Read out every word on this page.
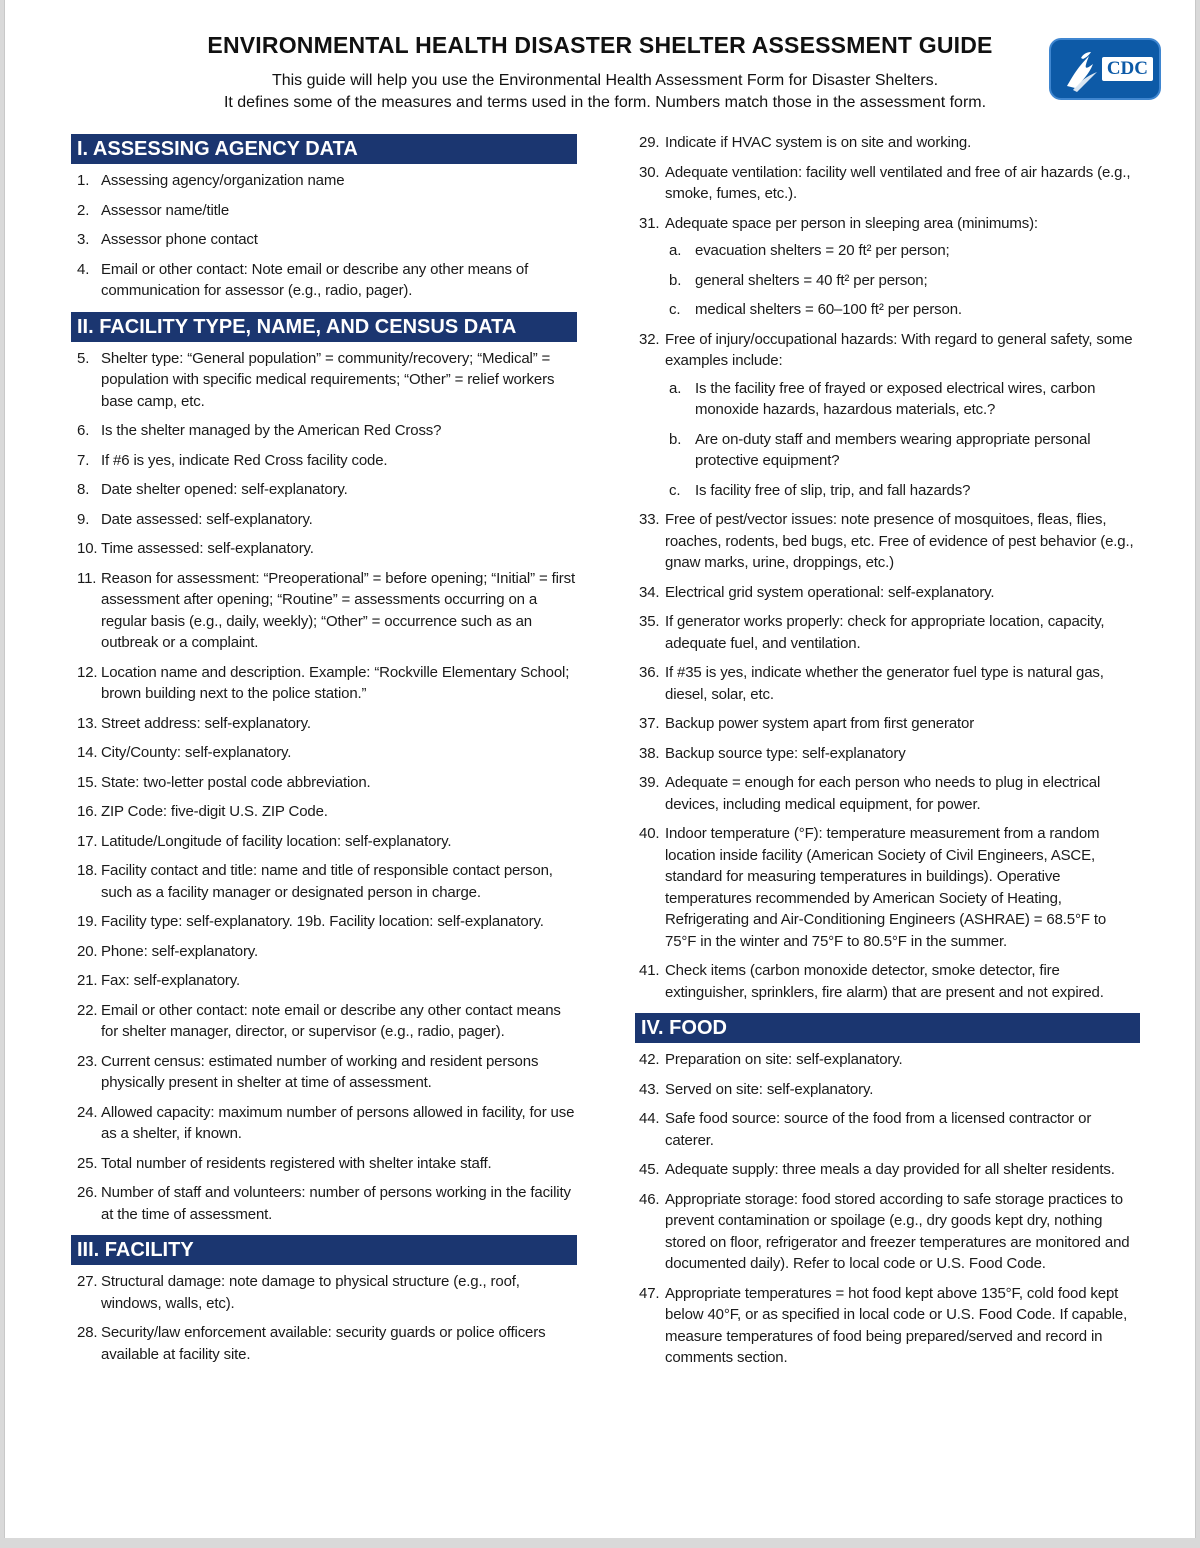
ENVIRONMENTAL HEALTH DISASTER SHELTER ASSESSMENT GUIDE
This guide will help you use the Environmental Health Assessment Form for Disaster Shelters.
It defines some of the measures and terms used in the form. Numbers match those in the assessment form.
CDC
I. ASSESSING AGENCY DATA
1. Assessing agency/organization name
2. Assessor name/title
3. Assessor phone contact
4. Email or other contact: Note email or describe any other means of communication for assessor (e.g., radio, pager).
II. FACILITY TYPE, NAME, AND CENSUS DATA
5. Shelter type: “General population” = community/recovery; “Medical” = population with specific medical requirements; “Other” = relief workers base camp, etc.
6. Is the shelter managed by the American Red Cross?
7. If #6 is yes, indicate Red Cross facility code.
8. Date shelter opened: self-explanatory.
9. Date assessed: self-explanatory.
10. Time assessed: self-explanatory.
11. Reason for assessment: “Preoperational” = before opening; “Initial” = first assessment after opening; “Routine” = assessments occurring on a regular basis (e.g., daily, weekly); “Other” = occurrence such as an outbreak or a complaint.
12. Location name and description. Example: “Rockville Elementary School; brown building next to the police station.”
13. Street address: self-explanatory.
14. City/County: self-explanatory.
15. State: two-letter postal code abbreviation.
16. ZIP Code: five-digit U.S. ZIP Code.
17. Latitude/Longitude of facility location: self-explanatory.
18. Facility contact and title: name and title of responsible contact person, such as a facility manager or designated person in charge.
19. Facility type: self-explanatory. 19b. Facility location: self-explanatory.
20. Phone: self-explanatory.
21. Fax: self-explanatory.
22. Email or other contact: note email or describe any other contact means for shelter manager, director, or supervisor (e.g., radio, pager).
23. Current census: estimated number of working and resident persons physically present in shelter at time of assessment.
24. Allowed capacity: maximum number of persons allowed in facility, for use as a shelter, if known.
25. Total number of residents registered with shelter intake staff.
26. Number of staff and volunteers: number of persons working in the facility at the time of assessment.
III. FACILITY
27. Structural damage: note damage to physical structure (e.g., roof, windows, walls, etc).
28. Security/law enforcement available: security guards or police officers available at facility site.
29. Indicate if HVAC system is on site and working.
30. Adequate ventilation: facility well ventilated and free of air hazards (e.g., smoke, fumes, etc.).
31. Adequate space per person in sleeping area (minimums):
a. evacuation shelters = 20 ft² per person;
b. general shelters = 40 ft² per person;
c. medical shelters = 60–100 ft² per person.
32. Free of injury/occupational hazards: With regard to general safety, some examples include:
a. Is the facility free of frayed or exposed electrical wires, carbon monoxide hazards, hazardous materials, etc.?
b. Are on-duty staff and members wearing appropriate personal protective equipment?
c. Is facility free of slip, trip, and fall hazards?
33. Free of pest/vector issues: note presence of mosquitoes, fleas, flies, roaches, rodents, bed bugs, etc. Free of evidence of pest behavior (e.g., gnaw marks, urine, droppings, etc.)
34. Electrical grid system operational: self-explanatory.
35. If generator works properly: check for appropriate location, capacity, adequate fuel, and ventilation.
36. If #35 is yes, indicate whether the generator fuel type is natural gas, diesel, solar, etc.
37. Backup power system apart from first generator
38. Backup source type: self-explanatory
39. Adequate = enough for each person who needs to plug in electrical devices, including medical equipment, for power.
40. Indoor temperature (°F): temperature measurement from a random location inside facility (American Society of Civil Engineers, ASCE, standard for measuring temperatures in buildings). Operative temperatures recommended by American Society of Heating, Refrigerating and Air-Conditioning Engineers (ASHRAE) = 68.5°F to 75°F in the winter and 75°F to 80.5°F in the summer.
41. Check items (carbon monoxide detector, smoke detector, fire extinguisher, sprinklers, fire alarm) that are present and not expired.
IV. FOOD
42. Preparation on site: self-explanatory.
43. Served on site: self-explanatory.
44. Safe food source: source of the food from a licensed contractor or caterer.
45. Adequate supply: three meals a day provided for all shelter residents.
46. Appropriate storage: food stored according to safe storage practices to prevent contamination or spoilage (e.g., dry goods kept dry, nothing stored on floor, refrigerator and freezer temperatures are monitored and documented daily). Refer to local code or U.S. Food Code.
47. Appropriate temperatures = hot food kept above 135°F, cold food kept below 40°F, or as specified in local code or U.S. Food Code. If capable, measure temperatures of food being prepared/served and record in comments section.
